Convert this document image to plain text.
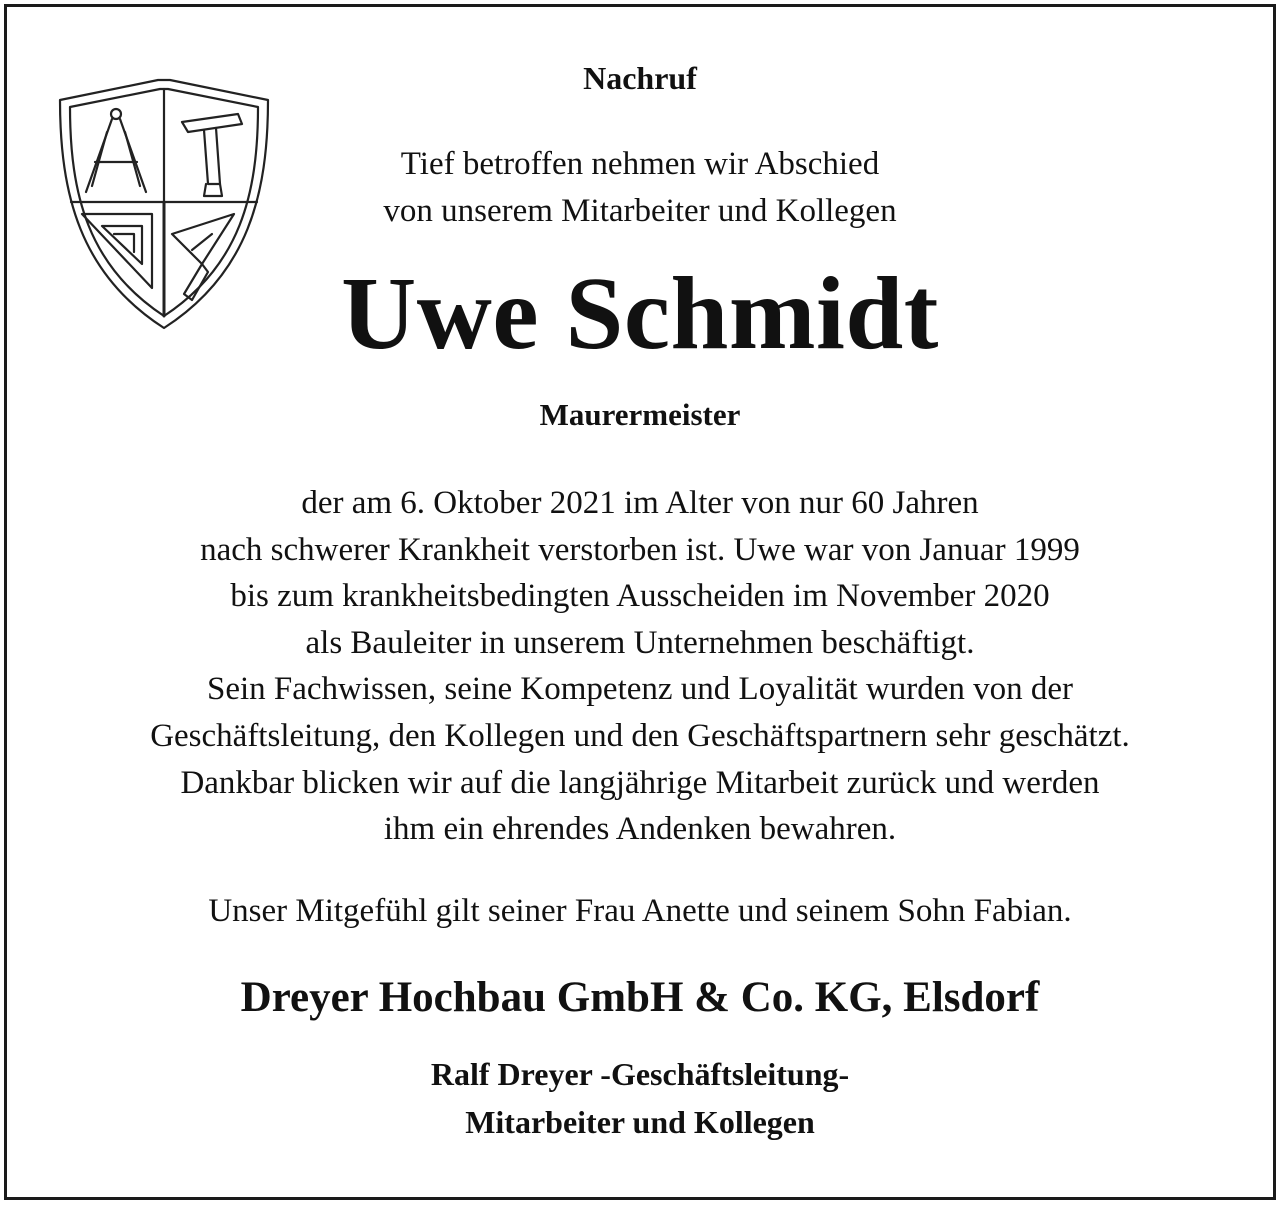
Nachruf
Tief betroffen nehmen wir Abschied
von unserem Mitarbeiter und Kollegen
Uwe Schmidt
Maurermeister
der am 6. Oktober 2021 im Alter von nur 60 Jahren
nach schwerer Krankheit verstorben ist. Uwe war von Januar 1999
bis zum krankheitsbedingten Ausscheiden im November 2020
als Bauleiter in unserem Unternehmen beschäftigt.
Sein Fachwissen, seine Kompetenz und Loyalität wurden von der
Geschäftsleitung, den Kollegen und den Geschäftspartnern sehr geschätzt.
Dankbar blicken wir auf die langjährige Mitarbeit zurück und werden
ihm ein ehrendes Andenken bewahren.
Unser Mitgefühl gilt seiner Frau Anette und seinem Sohn Fabian.
Dreyer Hochbau GmbH & Co. KG, Elsdorf
Ralf Dreyer -Geschäftsleitung-
Mitarbeiter und Kollegen
